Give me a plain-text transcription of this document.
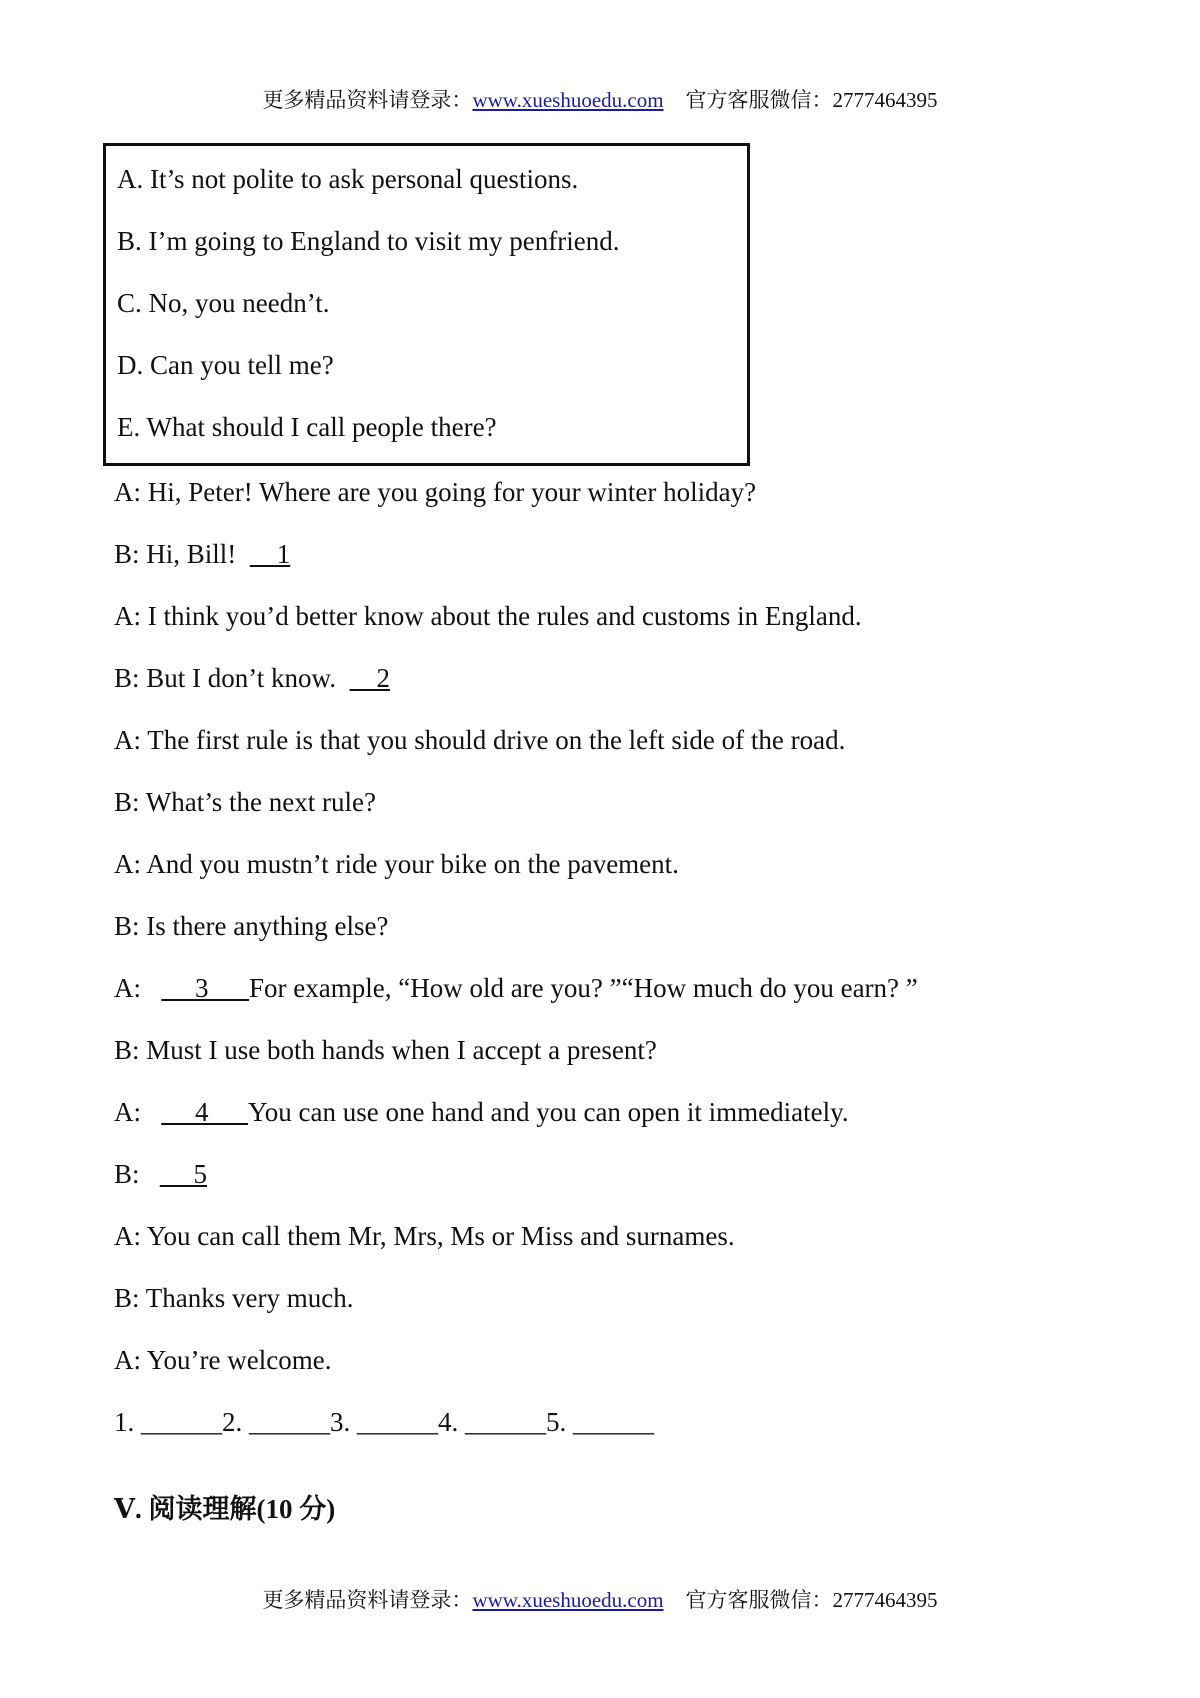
更多精品资料请登录：www.xueshuoedu.com 官方客服微信：2777464395
A. It’s not polite to ask personal questions.
B. I’m going to England to visit my penfriend.
C. No, you needn’t.
D. Can you tell me?
E. What should I call people there?
A: Hi, Peter! Where are you going for your winter holiday?
B: Hi, Bill!      1
A: I think you’d better know about the rules and customs in England.
B: But I don’t know.      2
A: The first rule is that you should drive on the left side of the road.
B: What’s the next rule?
A: And you mustn’t ride your bike on the pavement.
B: Is there anything else?
A:        3      For example, “How old are you? ”“How much do you earn? ”
B: Must I use both hands when I accept a present?
A:        4      You can use one hand and you can open it immediately.
B:        5
A: You can call them Mr, Mrs, Ms or Miss and surnames.
B: Thanks very much.
A: You’re welcome.
1. ______2. ______3. ______4. ______5. ______
Ⅴ. 阅读理解(10 分)
更多精品资料请登录：www.xueshuoedu.com 官方客服微信：2777464395
